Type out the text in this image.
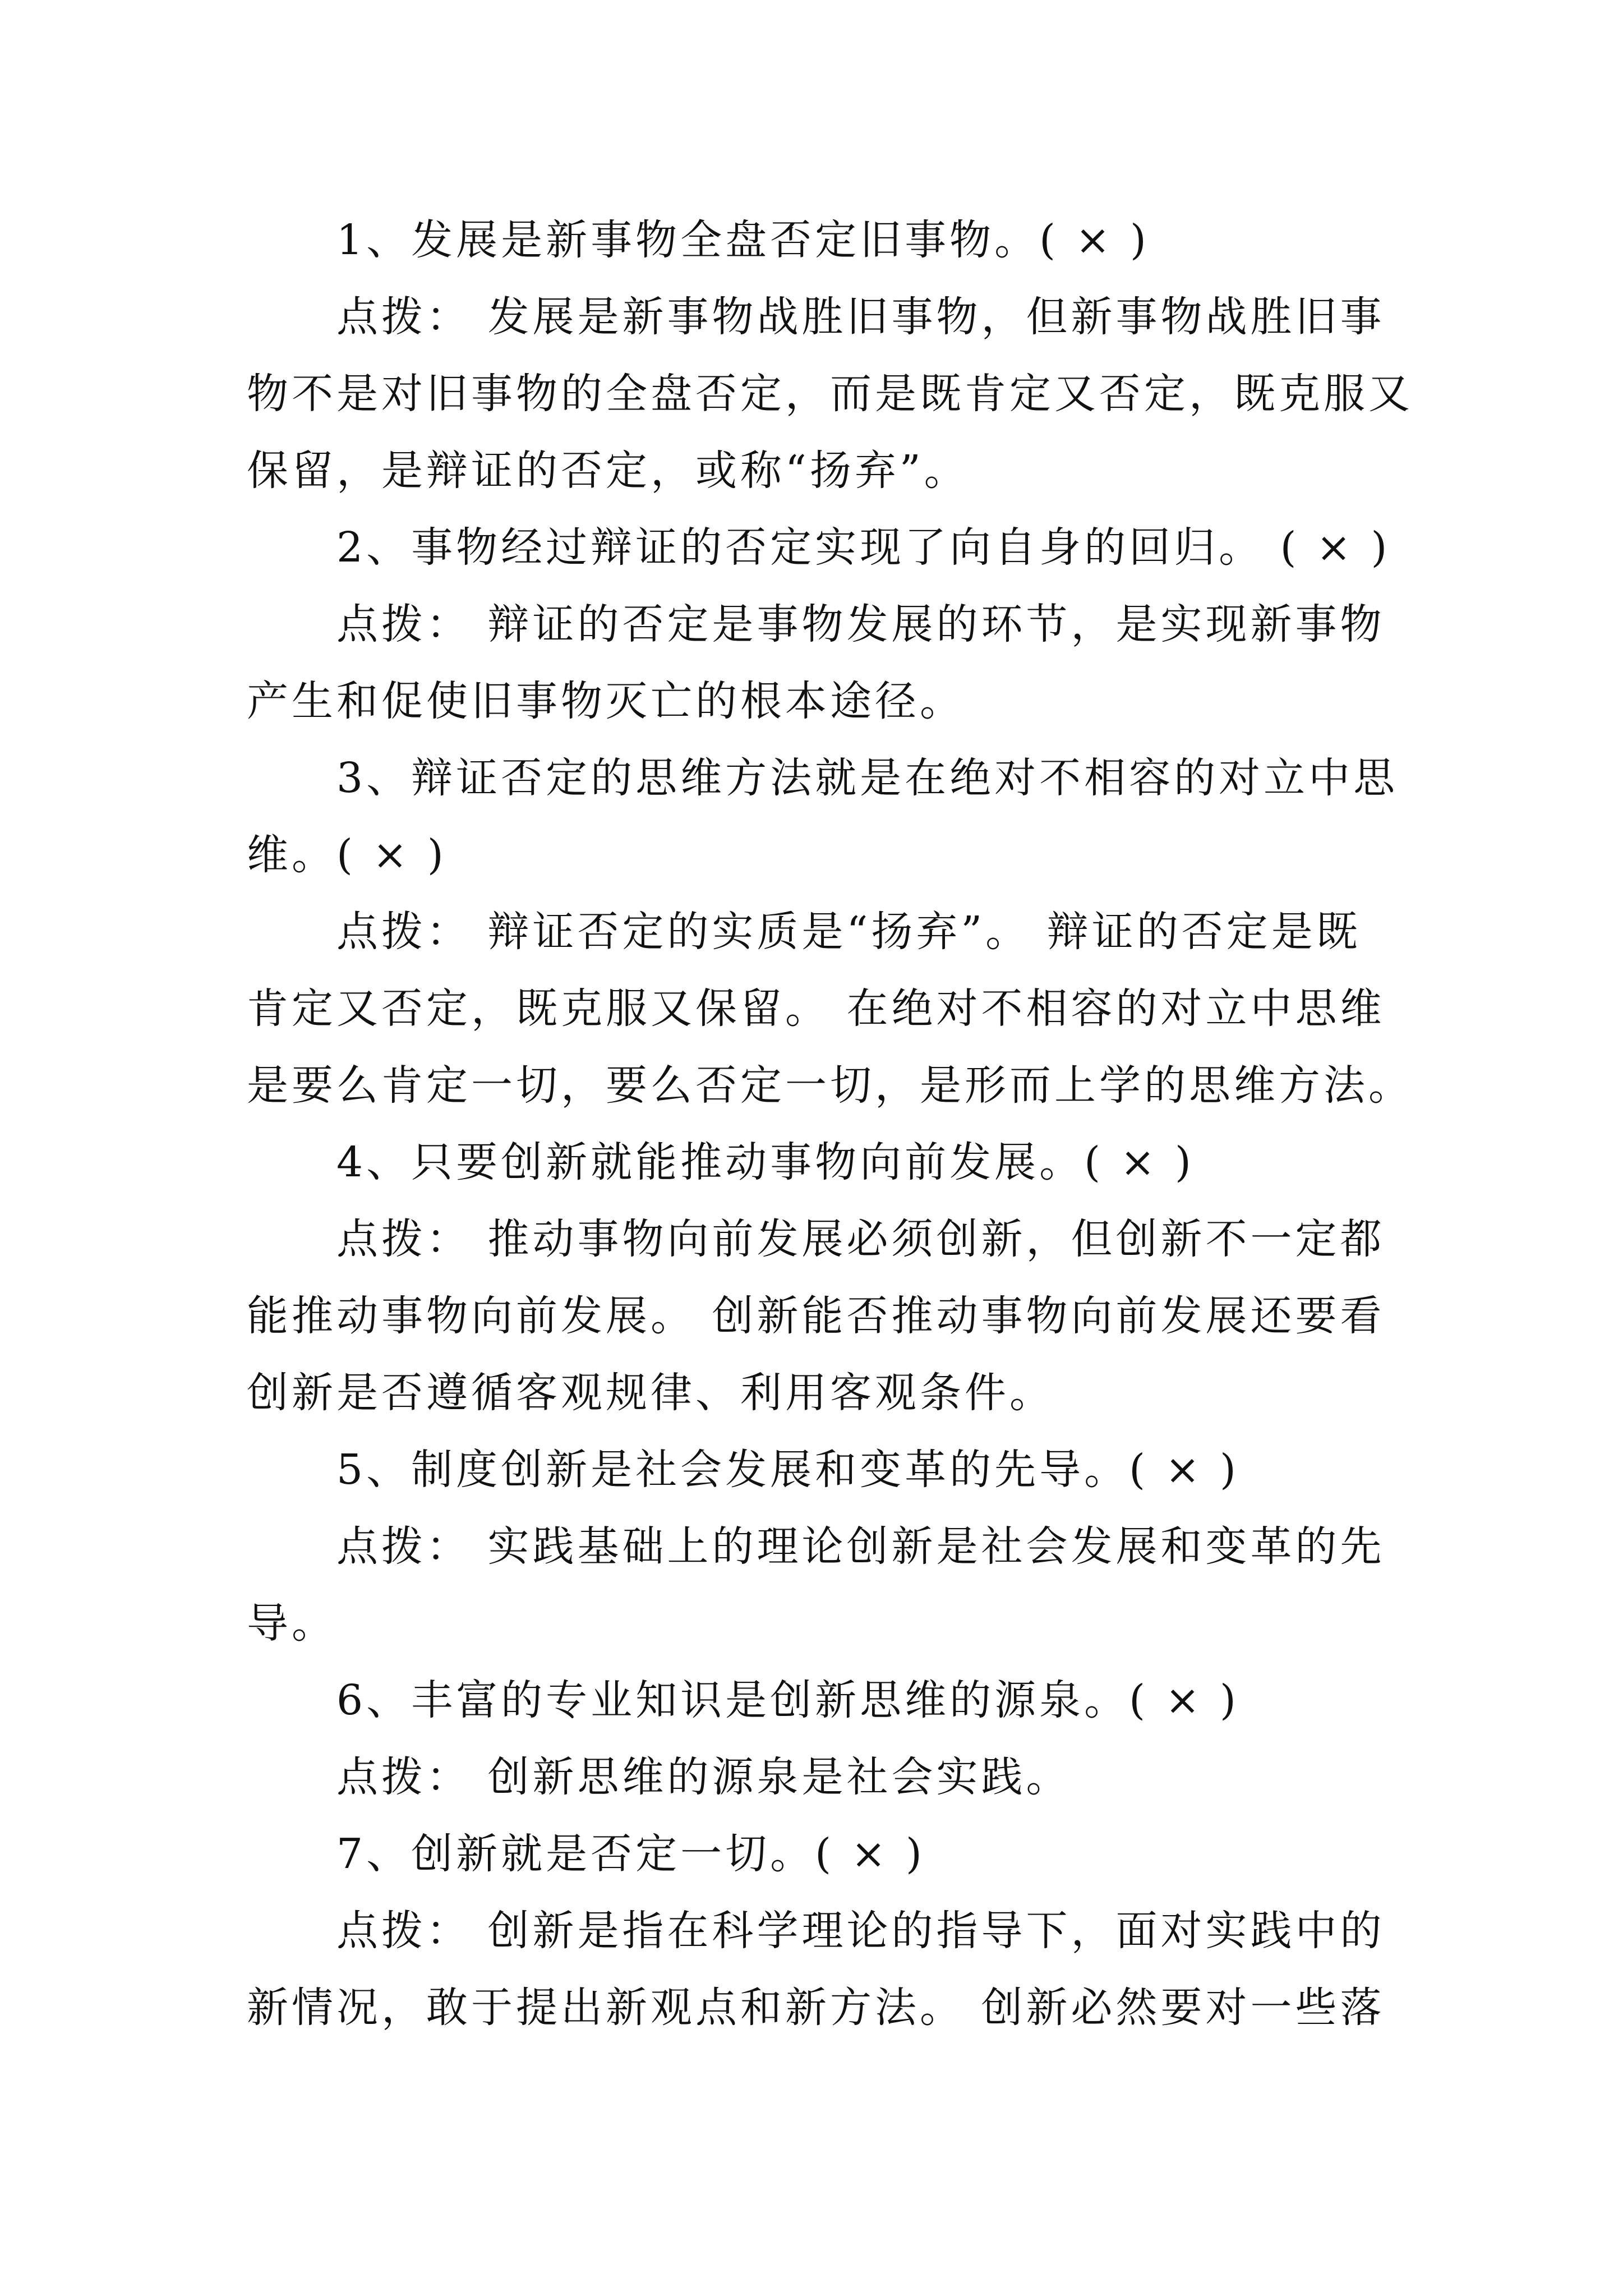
1、发展是新事物全盘否定旧事物。( × )
点拨： 发展是新事物战胜旧事物，但新事物战胜旧事
物不是对旧事物的全盘否定，而是既肯定又否定，既克服又
保留，是辩证的否定，或称“扬弃”。
2、事物经过辩证的否定实现了向自身的回归。 ( × )
点拨： 辩证的否定是事物发展的环节，是实现新事物
产生和促使旧事物灭亡的根本途径。
3、辩证否定的思维方法就是在绝对不相容的对立中思
维。( × )
点拨： 辩证否定的实质是“扬弃”。 辩证的否定是既
肯定又否定，既克服又保留。 在绝对不相容的对立中思维
是要么肯定一切，要么否定一切，是形而上学的思维方法。
4、只要创新就能推动事物向前发展。( × )
点拨： 推动事物向前发展必须创新，但创新不一定都
能推动事物向前发展。 创新能否推动事物向前发展还要看
创新是否遵循客观规律、利用客观条件。
5、制度创新是社会发展和变革的先导。( × )
点拨： 实践基础上的理论创新是社会发展和变革的先
导。
6、丰富的专业知识是创新思维的源泉。( × )
点拨： 创新思维的源泉是社会实践。
7、创新就是否定一切。( × )
点拨： 创新是指在科学理论的指导下，面对实践中的
新情况，敢于提出新观点和新方法。 创新必然要对一些落
